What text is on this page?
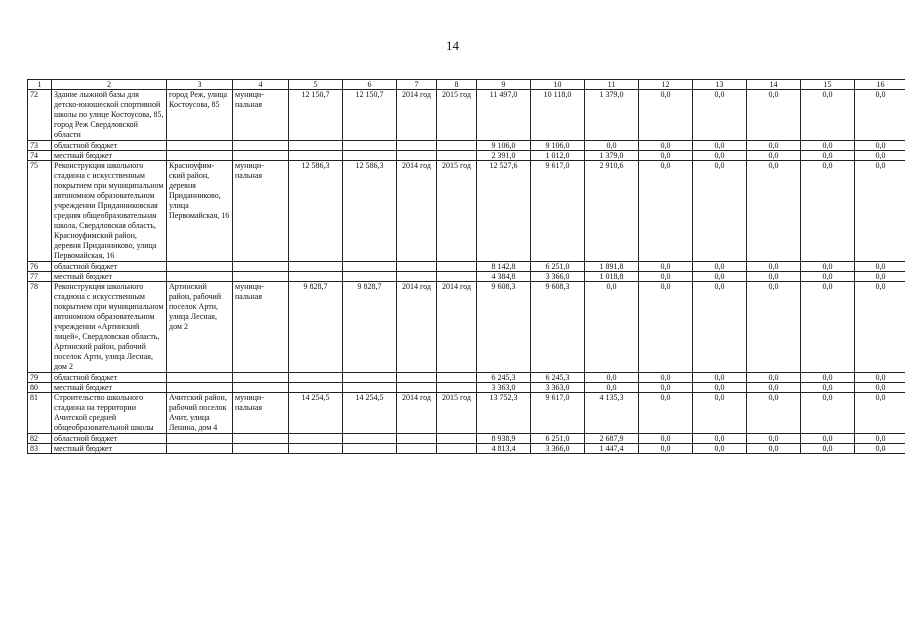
14
1	2	3	4	5	6	7	8	9	10	11	12	13	14	15	16
72	Здание лыжной базы для детско-юношеской спортивной школы по улице Костоусова, 85, город Реж Свердловской области	город Реж, улица Костоусова, 85	муници-пальная	12 150,7	12 150,7	2014 год	2015 год	11 497,0	10 118,0	1 379,0	0,0	0,0	0,0	0,0	0,0
73	областной бюджет							9 106,0	9 106,0	0,0	0,0	0,0	0,0	0,0	0,0
74	местный бюджет							2 391,0	1 012,0	1 379,0	0,0	0,0	0,0	0,0	0,0
75	Реконструкция школьного стадиона с искусственным покрытием при муниципальном автономном образовательном учреждении Приданниковская средняя общеобразовательная школа, Свердловская область, Красноуфимский район, деревня Приданниково, улица Первомайская, 16	Красноуфим-ский район, деревня Приданниково, улица Первомайская, 16	муници-пальная	12 586,3	12 586,3	2014 год	2015 год	12 527,6	9 617,0	2 910,6	0,0	0,0	0,0	0,0	0,0
76	областной бюджет							8 142,8	6 251,0	1 891,8	0,0	0,0	0,0	0,0	0,0
77	местный бюджет							4 384,8	3 366,0	1 018,8	0,0	0,0	0,0	0,0	0,0
78	Реконструкция школьного стадиона с искусственным покрытием при муниципальном автономном образовательном учреждении «Артинский лицей», Свердловская область, Артинский район, рабочий поселок Арти, улица Лесная, дом 2	Артинский район, рабочий поселок Арти, улица Лесная, дом 2	муници-пальная	9 828,7	9 828,7	2014 год	2014 год	9 608,3	9 608,3	0,0	0,0	0,0	0,0	0,0	0,0
79	областной бюджет							6 245,3	6 245,3	0,0	0,0	0,0	0,0	0,0	0,0
80	местный бюджет							3 363,0	3 363,0	0,0	0,0	0,0	0,0	0,0	0,0
81	Строительство школьного стадиона на территории Ачитской средней общеобразовательной школы	Ачитский район, рабочий поселок Ачит, улица Ленина, дом 4	муници-пальная	14 254,5	14 254,5	2014 год	2015 год	13 752,3	9 617,0	4 135,3	0,0	0,0	0,0	0,0	0,0
82	областной бюджет							8 938,9	6 251,0	2 687,9	0,0	0,0	0,0	0,0	0,0
83	местный бюджет							4 813,4	3 366,0	1 447,4	0,0	0,0	0,0	0,0	0,0
